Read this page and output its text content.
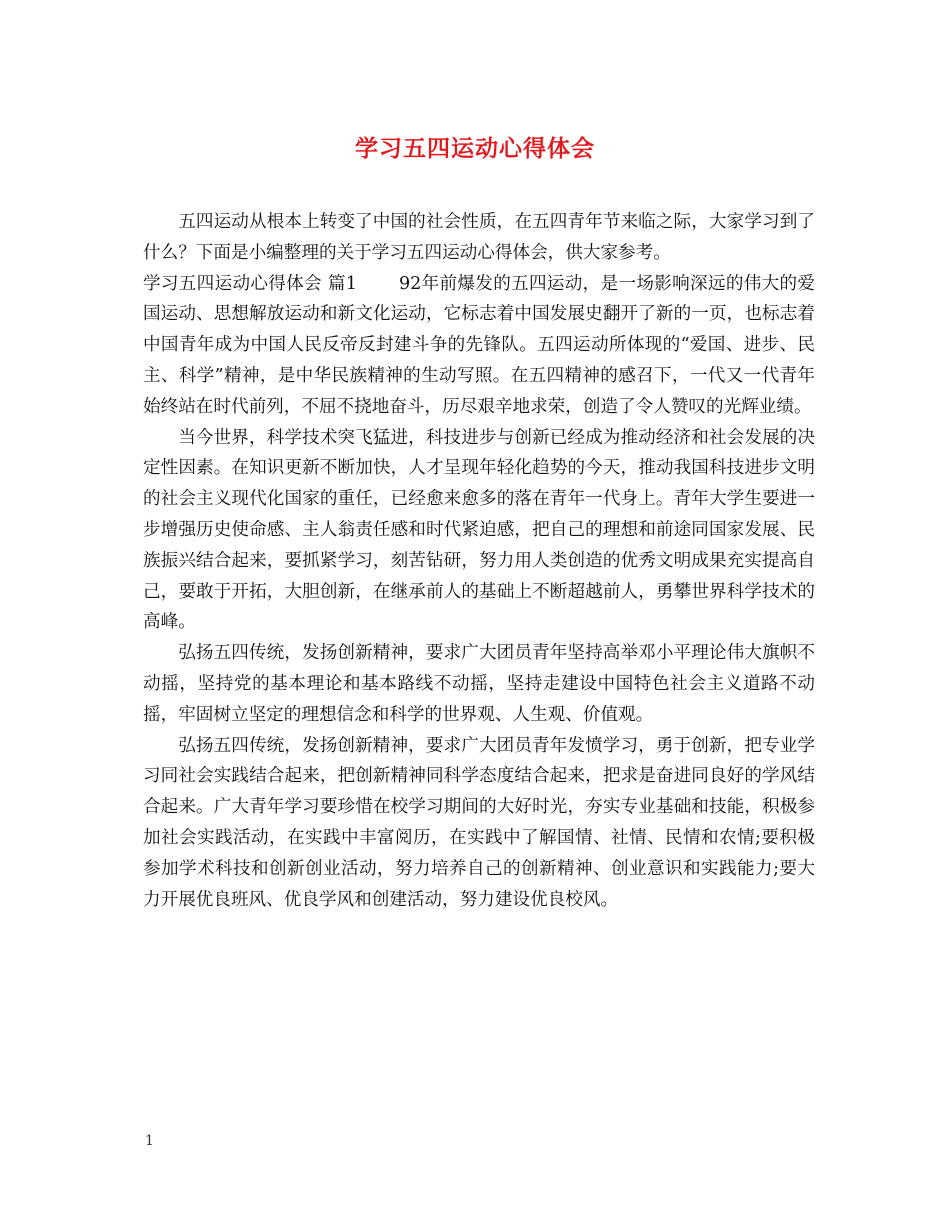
学习五四运动心得体会

五四运动从根本上转变了中国的社会性质，在五四青年节来临之际，大家学习到了什么？下面是小编整理的关于学习五四运动心得体会，供大家参考。

学习五四运动心得体会 篇1 92年前爆发的五四运动，是一场影响深远的伟大的爱国运动、思想解放运动和新文化运动，它标志着中国发展史翻开了新的一页，也标志着中国青年成为中国人民反帝反封建斗争的先锋队。五四运动所体现的“爱国、进步、民主、科学”精神，是中华民族精神的生动写照。在五四精神的感召下，一代又一代青年始终站在时代前列，不屈不挠地奋斗，历尽艰辛地求荣，创造了令人赞叹的光辉业绩。

当今世界，科学技术突飞猛进，科技进步与创新已经成为推动经济和社会发展的决定性因素。在知识更新不断加快，人才呈现年轻化趋势的今天，推动我国科技进步文明的社会主义现代化国家的重任，已经愈来愈多的落在青年一代身上。青年大学生要进一步增强历史使命感、主人翁责任感和时代紧迫感，把自己的理想和前途同国家发展、民族振兴结合起来，要抓紧学习，刻苦钻研，努力用人类创造的优秀文明成果充实提高自己，要敢于开拓，大胆创新，在继承前人的基础上不断超越前人，勇攀世界科学技术的高峰。

弘扬五四传统，发扬创新精神，要求广大团员青年坚持高举邓小平理论伟大旗帜不动摇，坚持党的基本理论和基本路线不动摇，坚持走建设中国特色社会主义道路不动摇，牢固树立坚定的理想信念和科学的世界观、人生观、价值观。

弘扬五四传统，发扬创新精神，要求广大团员青年发愤学习，勇于创新，把专业学习同社会实践结合起来，把创新精神同科学态度结合起来，把求是奋进同良好的学风结合起来。广大青年学习要珍惜在校学习期间的大好时光，夯实专业基础和技能，积极参加社会实践活动，在实践中丰富阅历，在实践中了解国情、社情、民情和农情;要积极参加学术科技和创新创业活动，努力培养自己的创新精神、创业意识和实践能力;要大力开展优良班风、优良学风和创建活动，努力建设优良校风。

1
